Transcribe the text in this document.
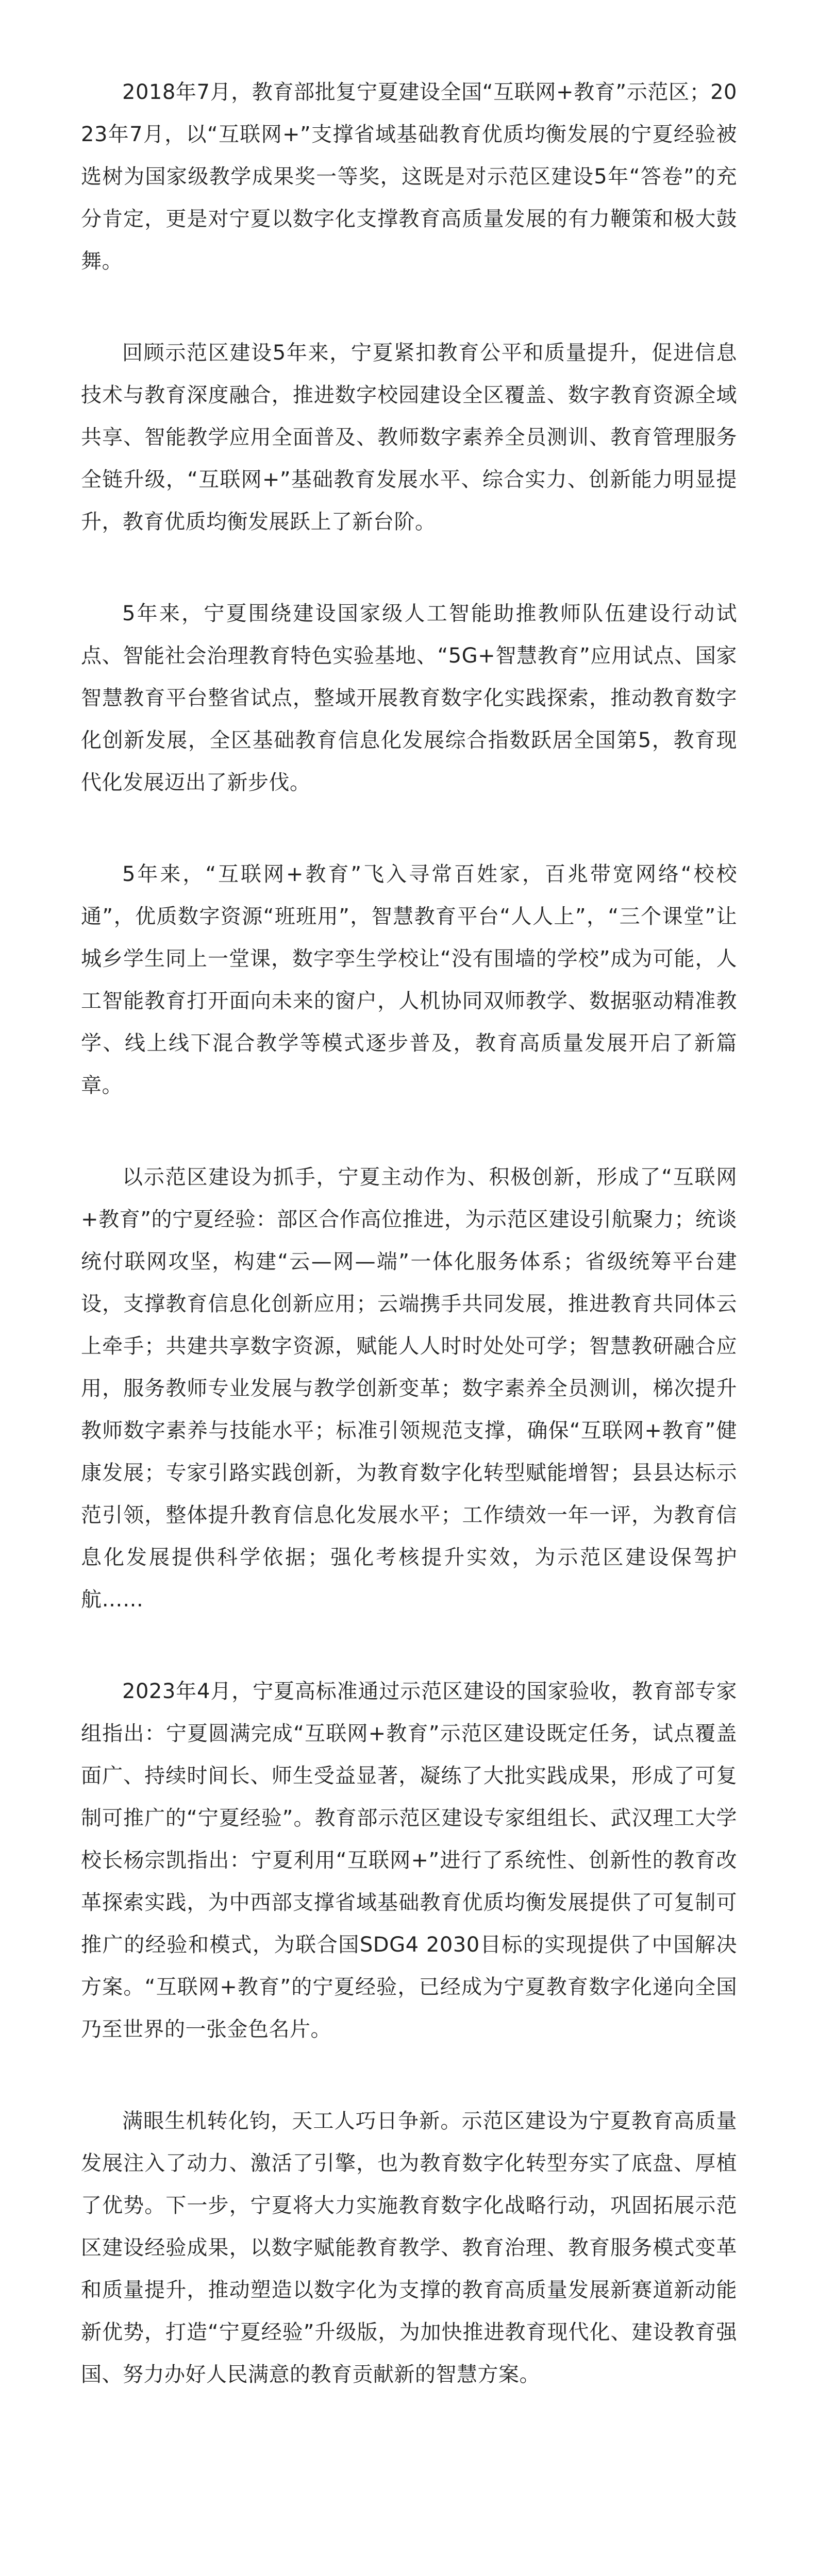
2018年7月，教育部批复宁夏建设全国“互联网+教育”示范区；2023年7月，以“互联网+”支撑省域基础教育优质均衡发展的宁夏经验被选树为国家级教学成果奖一等奖，这既是对示范区建设5年“答卷”的充分肯定，更是对宁夏以数字化支撑教育高质量发展的有力鞭策和极大鼓舞。

回顾示范区建设5年来，宁夏紧扣教育公平和质量提升，促进信息技术与教育深度融合，推进数字校园建设全区覆盖、数字教育资源全域共享、智能教学应用全面普及、教师数字素养全员测训、教育管理服务全链升级，“互联网+”基础教育发展水平、综合实力、创新能力明显提升，教育优质均衡发展跃上了新台阶。

5年来，宁夏围绕建设国家级人工智能助推教师队伍建设行动试点、智能社会治理教育特色实验基地、“5G+智慧教育”应用试点、国家智慧教育平台整省试点，整域开展教育数字化实践探索，推动教育数字化创新发展，全区基础教育信息化发展综合指数跃居全国第5，教育现代化发展迈出了新步伐。

5年来，“互联网+教育”飞入寻常百姓家，百兆带宽网络“校校通”，优质数字资源“班班用”，智慧教育平台“人人上”，“三个课堂”让城乡学生同上一堂课，数字孪生学校让“没有围墙的学校”成为可能，人工智能教育打开面向未来的窗户，人机协同双师教学、数据驱动精准教学、线上线下混合教学等模式逐步普及，教育高质量发展开启了新篇章。

以示范区建设为抓手，宁夏主动作为、积极创新，形成了“互联网+教育”的宁夏经验：部区合作高位推进，为示范区建设引航聚力；统谈统付联网攻坚，构建“云—网—端”一体化服务体系；省级统筹平台建设，支撑教育信息化创新应用；云端携手共同发展，推进教育共同体云上牵手；共建共享数字资源，赋能人人时时处处可学；智慧教研融合应用，服务教师专业发展与教学创新变革；数字素养全员测训，梯次提升教师数字素养与技能水平；标准引领规范支撑，确保“互联网+教育”健康发展；专家引路实践创新，为教育数字化转型赋能增智；县县达标示范引领，整体提升教育信息化发展水平；工作绩效一年一评，为教育信息化发展提供科学依据；强化考核提升实效，为示范区建设保驾护航……

2023年4月，宁夏高标准通过示范区建设的国家验收，教育部专家组指出：宁夏圆满完成“互联网+教育”示范区建设既定任务，试点覆盖面广、持续时间长、师生受益显著，凝练了大批实践成果，形成了可复制可推广的“宁夏经验”。教育部示范区建设专家组组长、武汉理工大学校长杨宗凯指出：宁夏利用“互联网+”进行了系统性、创新性的教育改革探索实践，为中西部支撑省域基础教育优质均衡发展提供了可复制可推广的经验和模式，为联合国SDG4 2030目标的实现提供了中国解决方案。“互联网+教育”的宁夏经验，已经成为宁夏教育数字化递向全国乃至世界的一张金色名片。

满眼生机转化钧，天工人巧日争新。示范区建设为宁夏教育高质量发展注入了动力、激活了引擎，也为教育数字化转型夯实了底盘、厚植了优势。下一步，宁夏将大力实施教育数字化战略行动，巩固拓展示范区建设经验成果，以数字赋能教育教学、教育治理、教育服务模式变革和质量提升，推动塑造以数字化为支撑的教育高质量发展新赛道新动能新优势，打造“宁夏经验”升级版，为加快推进教育现代化、建设教育强国、努力办好人民满意的教育贡献新的智慧方案。
